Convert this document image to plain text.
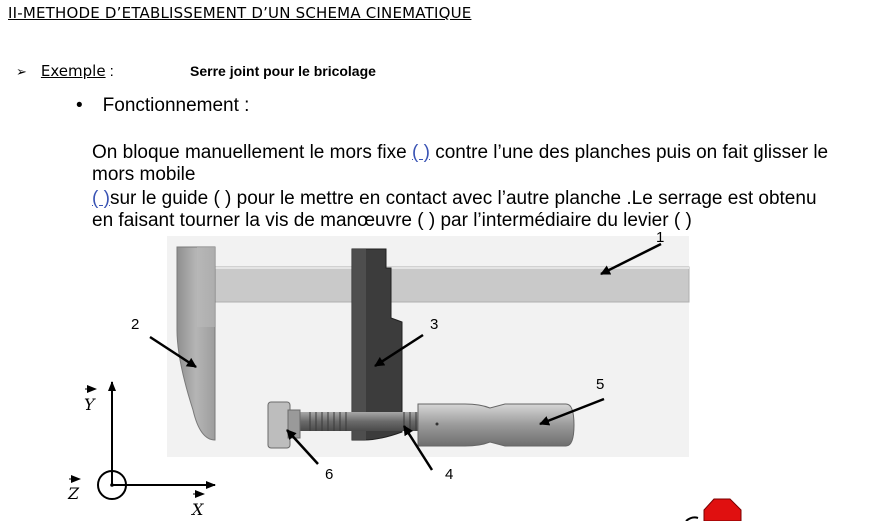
II-METHODE D’ETABLISSEMENT D’UN SCHEMA CINEMATIQUE
➢ Exemple :	Serre joint pour le bricolage
• Fonctionnement :
On bloque manuellement le mors fixe ( ) contre l’une des planches puis on fait glisser le
mors mobile
( )sur le guide ( ) pour le mettre en contact avec l’autre planche .Le serrage est obtenu
en faisant tourner la vis de manœuvre ( ) par l’intermédiaire du levier ( )
1
2	3
5
4
6
Y
Z
X
